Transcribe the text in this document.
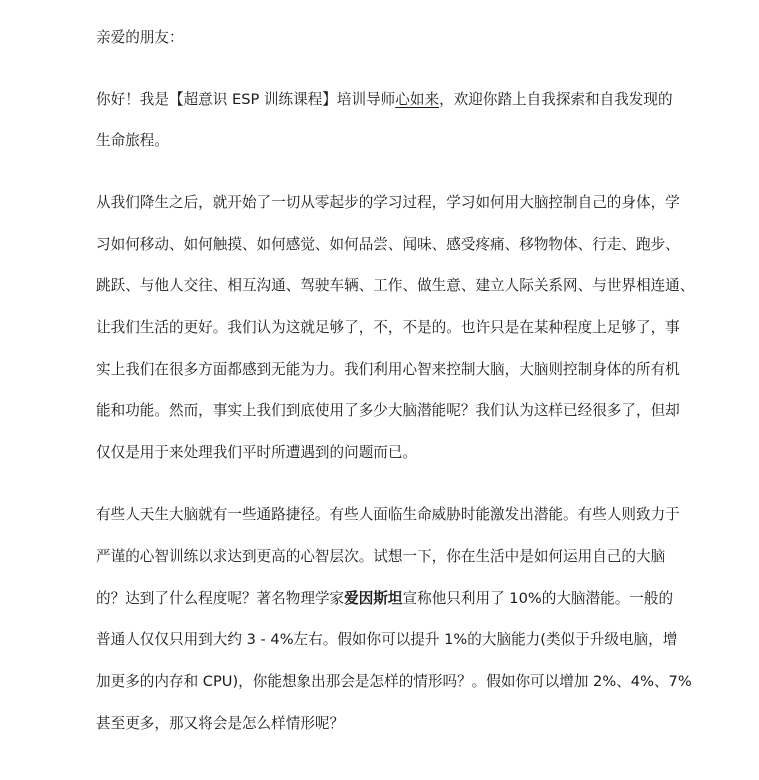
亲爱的朋友：

你好！我是【超意识 ESP 训练课程】培训导师心如来，欢迎你踏上自我探索和自我发现的

生命旅程。

从我们降生之后，就开始了一切从零起步的学习过程，学习如何用大脑控制自己的身体，学

习如何移动、如何触摸、如何感觉、如何品尝、闻味、感受疼痛、移物物体、行走、跑步、

跳跃、与他人交往、相互沟通、驾驶车辆、工作、做生意、建立人际关系网、与世界相连通、

让我们生活的更好。我们认为这就足够了，不，不是的。也许只是在某种程度上足够了，事

实上我们在很多方面都感到无能为力。我们利用心智来控制大脑，大脑则控制身体的所有机

能和功能。然而，事实上我们到底使用了多少大脑潜能呢？我们认为这样已经很多了，但却

仅仅是用于来处理我们平时所遭遇到的问题而已。

有些人天生大脑就有一些通路捷径。有些人面临生命威胁时能激发出潜能。有些人则致力于

严谨的心智训练以求达到更高的心智层次。试想一下，你在生活中是如何运用自己的大脑

的？达到了什么程度呢？著名物理学家爱因斯坦宣称他只利用了 10%的大脑潜能。一般的

普通人仅仅只用到大约 3 - 4%左右。假如你可以提升 1%的大脑能力(类似于升级电脑，增

加更多的内存和 CPU)，你能想象出那会是怎样的情形吗？。假如你可以增加 2%、4%、7%

甚至更多，那又将会是怎么样情形呢？
